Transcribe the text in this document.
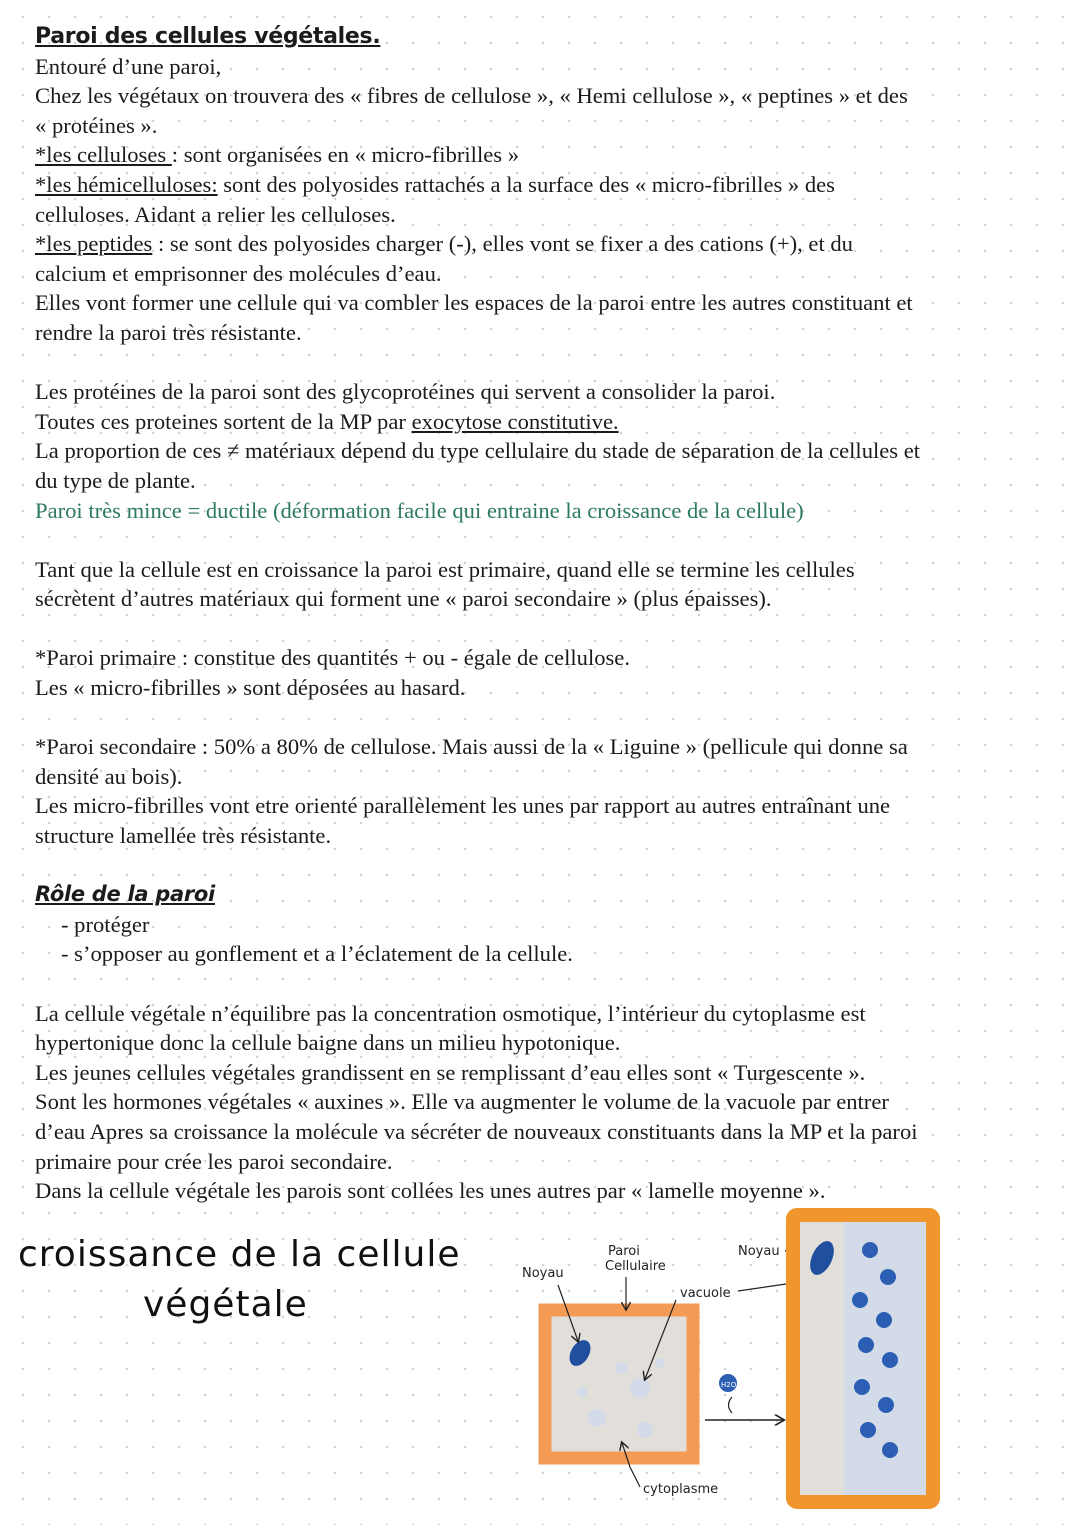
Paroi des cellules végétales.

Entouré d’une paroi,

Chez les végétaux on trouvera des « fibres de cellulose », « Hemi cellulose », « peptines » et des

« protéines ».

*les celluloses : sont organisées en « micro-fibrilles »

*les hémicelluloses: sont des polyosides rattachés a la surface des « micro-fibrilles » des

celluloses. Aidant a relier les celluloses.

*les peptides : se sont des polyosides charger (-), elles vont se fixer a des cations (+), et du

calcium et emprisonner des molécules d’eau.

Elles vont former une cellule qui va combler les espaces de la paroi entre les autres constituant et

rendre la paroi très résistante.

Les protéines de la paroi sont des glycoprotéines qui servent a consolider la paroi.

Toutes ces proteines sortent de la MP par exocytose constitutive.

La proportion de ces ≠ matériaux dépend du type cellulaire du stade de séparation de la cellules et

du type de plante.

Paroi très mince = ductile (déformation facile qui entraine la croissance de la cellule)

Tant que la cellule est en croissance la paroi est primaire, quand elle se termine les cellules

sécrètent d’autres matériaux qui forment une « paroi secondaire » (plus épaisses).

*Paroi primaire : constitue des quantités + ou - égale de cellulose.

Les « micro-fibrilles » sont déposées au hasard.

*Paroi secondaire : 50% a 80% de cellulose. Mais aussi de la « Liguine » (pellicule qui donne sa

densité au bois).

Les micro-fibrilles vont etre orienté parallèlement les unes par rapport au autres entraînant une

structure lamellée très résistante.

Rôle de la paroi

- protéger

- s’opposer au gonflement et a l’éclatement de la cellule.

La cellule végétale n’équilibre pas la concentration osmotique, l’intérieur du cytoplasme est

hypertonique donc la cellule baigne dans un milieu hypotonique.

Les jeunes cellules végétales grandissent en se remplissant d’eau elles sont « Turgescente ».

Sont les hormones végétales « auxines ». Elle va augmenter le volume de la vacuole par entrer

d’eau Apres sa croissance la molécule va sécréter de nouveaux constituants dans la MP et la paroi

primaire pour crée les paroi secondaire.

Dans la cellule végétale les parois sont collées les unes autres par « lamelle moyenne ».

croissance de la cellule
végétale
Noyau
Paroi
Cellulaire
vacuole
Noyau
cytoplasme
H2O
